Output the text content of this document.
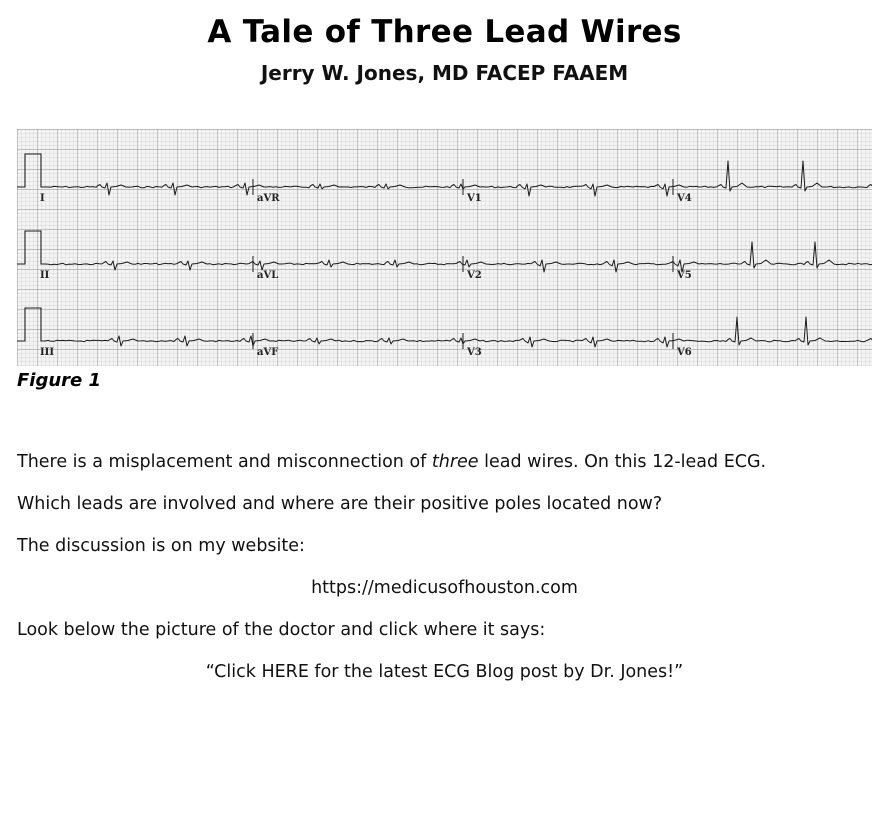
A Tale of Three Lead Wires
Jerry W. Jones, MD FACEP FAAEM
I	aVR	V1	V4
II	aVL	V2	V5
III	aVF	V3	V6
Figure 1
There is a misplacement and misconnection of three lead wires. On this 12-lead ECG.
Which leads are involved and where are their positive poles located now?
The discussion is on my website:
https://medicusofhouston.com
Look below the picture of the doctor and click where it says:
“Click HERE for the latest ECG Blog post by Dr. Jones!”
